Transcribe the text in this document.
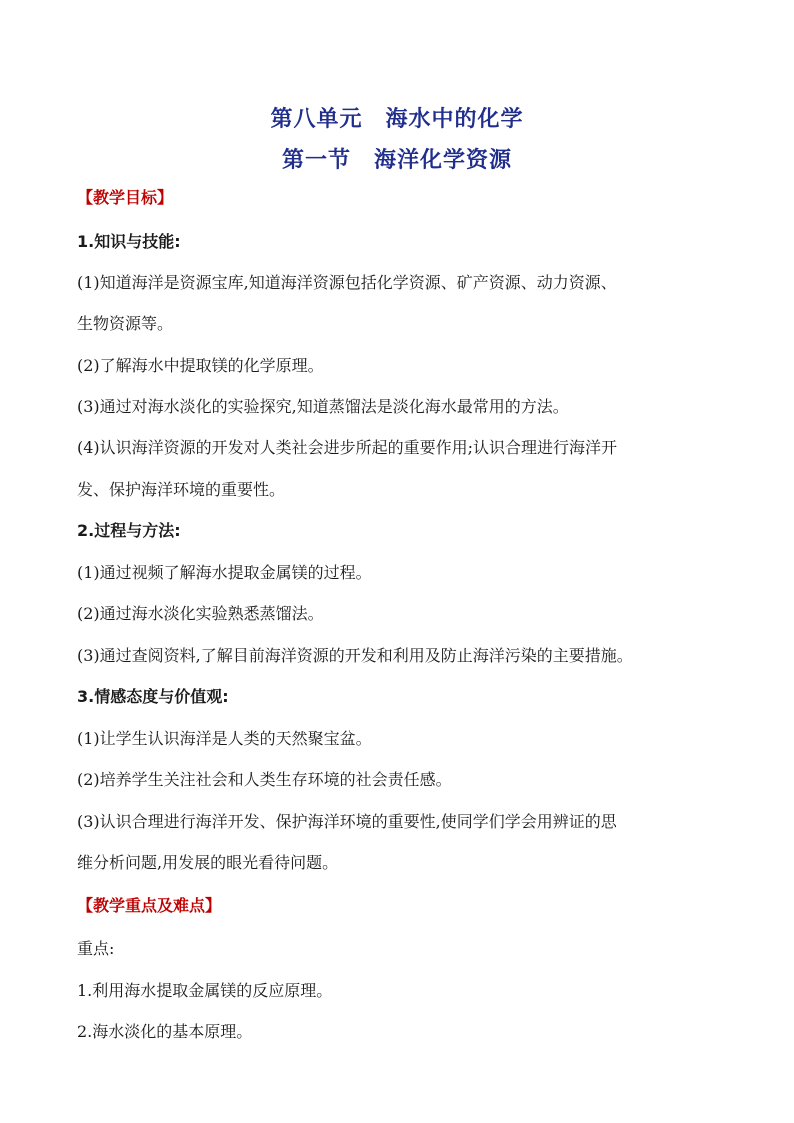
第八单元　海水中的化学
第一节　海洋化学资源
【教学目标】
1.知识与技能:
(1)知道海洋是资源宝库,知道海洋资源包括化学资源、矿产资源、动力资源、
生物资源等。
(2)了解海水中提取镁的化学原理。
(3)通过对海水淡化的实验探究,知道蒸馏法是淡化海水最常用的方法。
(4)认识海洋资源的开发对人类社会进步所起的重要作用;认识合理进行海洋开
发、保护海洋环境的重要性。
2.过程与方法:
(1)通过视频了解海水提取金属镁的过程。
(2)通过海水淡化实验熟悉蒸馏法。
(3)通过查阅资料,了解目前海洋资源的开发和利用及防止海洋污染的主要措施。
3.情感态度与价值观:
(1)让学生认识海洋是人类的天然聚宝盆。
(2)培养学生关注社会和人类生存环境的社会责任感。
(3)认识合理进行海洋开发、保护海洋环境的重要性,使同学们学会用辨证的思
维分析问题,用发展的眼光看待问题。
【教学重点及难点】
重点:
1.利用海水提取金属镁的反应原理。
2.海水淡化的基本原理。
